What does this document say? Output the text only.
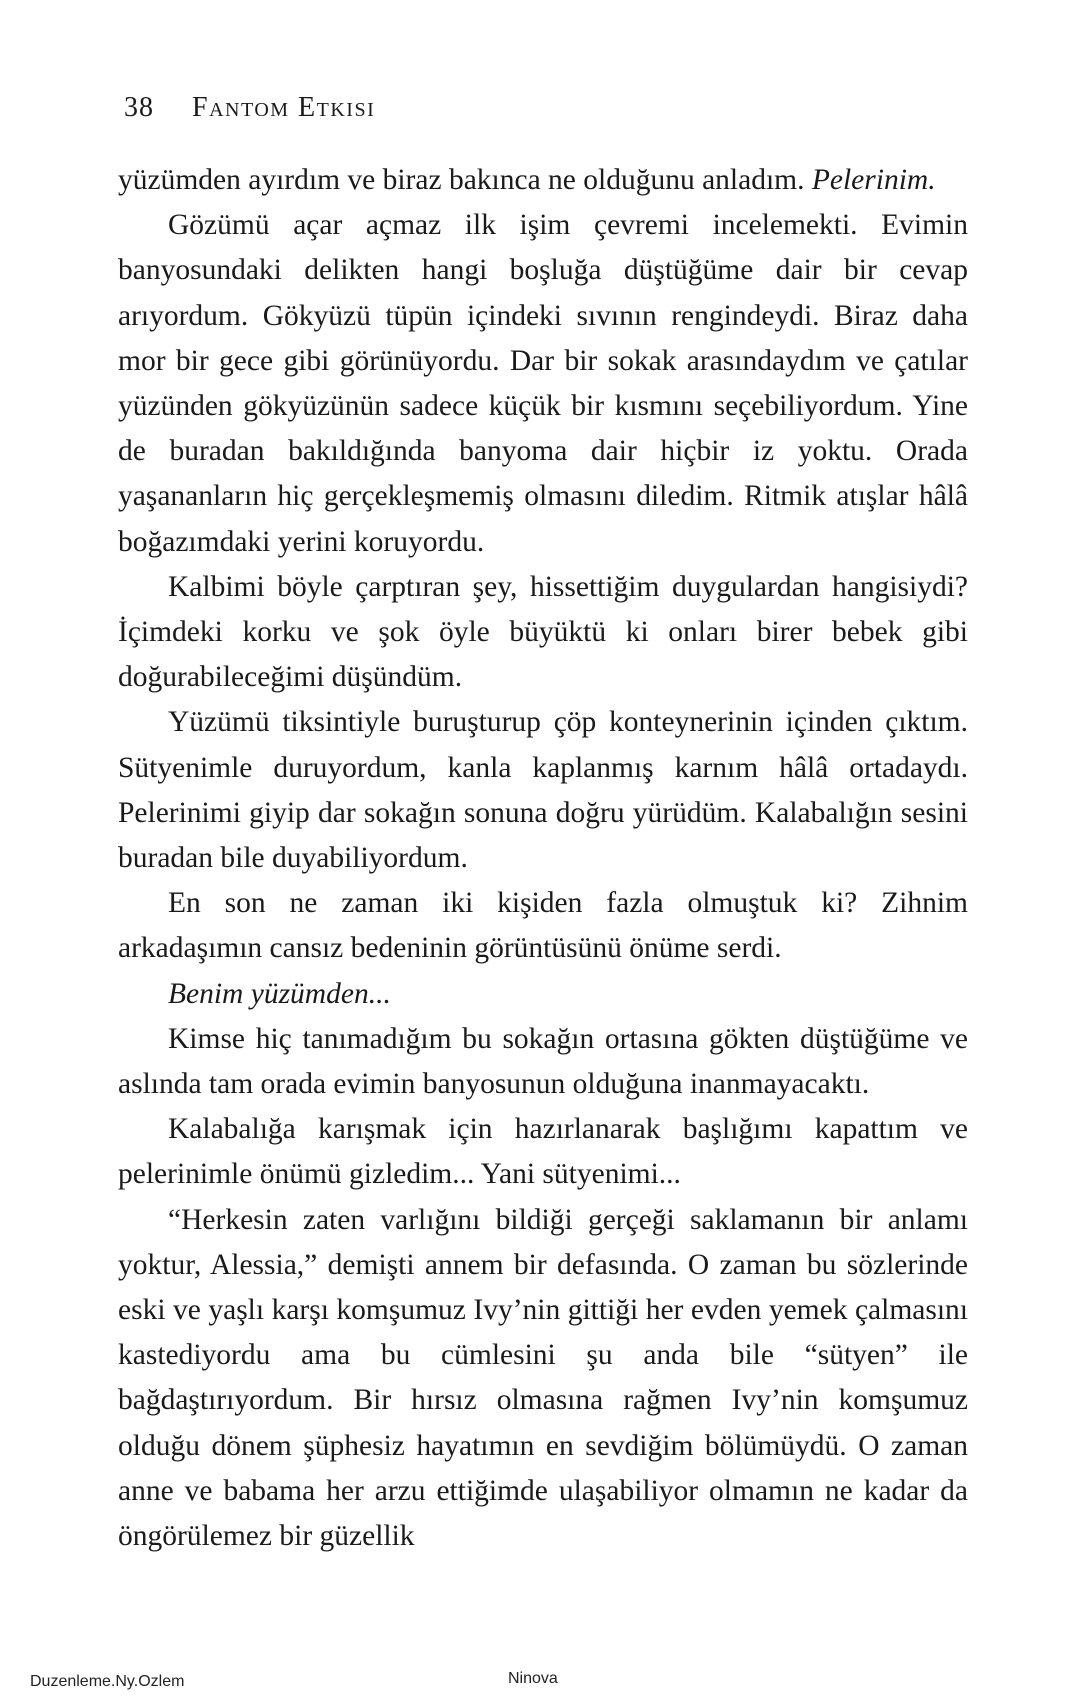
38 Fantom Etkisi

yüzümden ayırdım ve biraz bakınca ne olduğunu anladım. Pelerinim.

Gözümü açar açmaz ilk işim çevremi incelemekti. Evimin banyosundaki delikten hangi boşluğa düştüğüme dair bir cevap arıyordum. Gökyüzü tüpün içindeki sıvının rengindeydi. Biraz daha mor bir gece gibi görünüyordu. Dar bir sokak arasındaydım ve çatılar yüzünden gökyüzünün sadece küçük bir kısmını seçebiliyordum. Yine de buradan bakıldığında banyoma dair hiçbir iz yoktu. Orada yaşananların hiç gerçekleşmemiş olmasını diledim. Ritmik atışlar hâlâ boğazımdaki yerini koruyordu.

Kalbimi böyle çarptıran şey, hissettiğim duygulardan hangisiydi? İçimdeki korku ve şok öyle büyüktü ki onları birer bebek gibi doğurabileceğimi düşündüm.

Yüzümü tiksintiyle buruşturup çöp konteynerinin içinden çıktım. Sütyenimle duruyordum, kanla kaplanmış karnım hâlâ ortadaydı. Pelerinimi giyip dar sokağın sonuna doğru yürüdüm. Kalabalığın sesini buradan bile duyabiliyordum.

En son ne zaman iki kişiden fazla olmuştuk ki? Zihnim arkadaşımın cansız bedeninin görüntüsünü önüme serdi.

Benim yüzümden...

Kimse hiç tanımadığım bu sokağın ortasına gökten düştüğüme ve aslında tam orada evimin banyosunun olduğuna inanmayacaktı.

Kalabalığa karışmak için hazırlanarak başlığımı kapattım ve pelerinimle önümü gizledim... Yani sütyenimi...

“Herkesin zaten varlığını bildiği gerçeği saklamanın bir anlamı yoktur, Alessia,” demişti annem bir defasında. O zaman bu sözlerinde eski ve yaşlı karşı komşumuz Ivy’nin gittiği her evden yemek çalmasını kastediyordu ama bu cümlesini şu anda bile “sütyen” ile bağdaştırıyordum. Bir hırsız olmasına rağmen Ivy’nin komşumuz olduğu dönem şüphesiz hayatımın en sevdiğim bölümüydü. O zaman anne ve babama her arzu ettiğimde ulaşabiliyor olmamın ne kadar da öngörülemez bir güzellik

Duzenleme.Ny.Ozlem	Ninova
